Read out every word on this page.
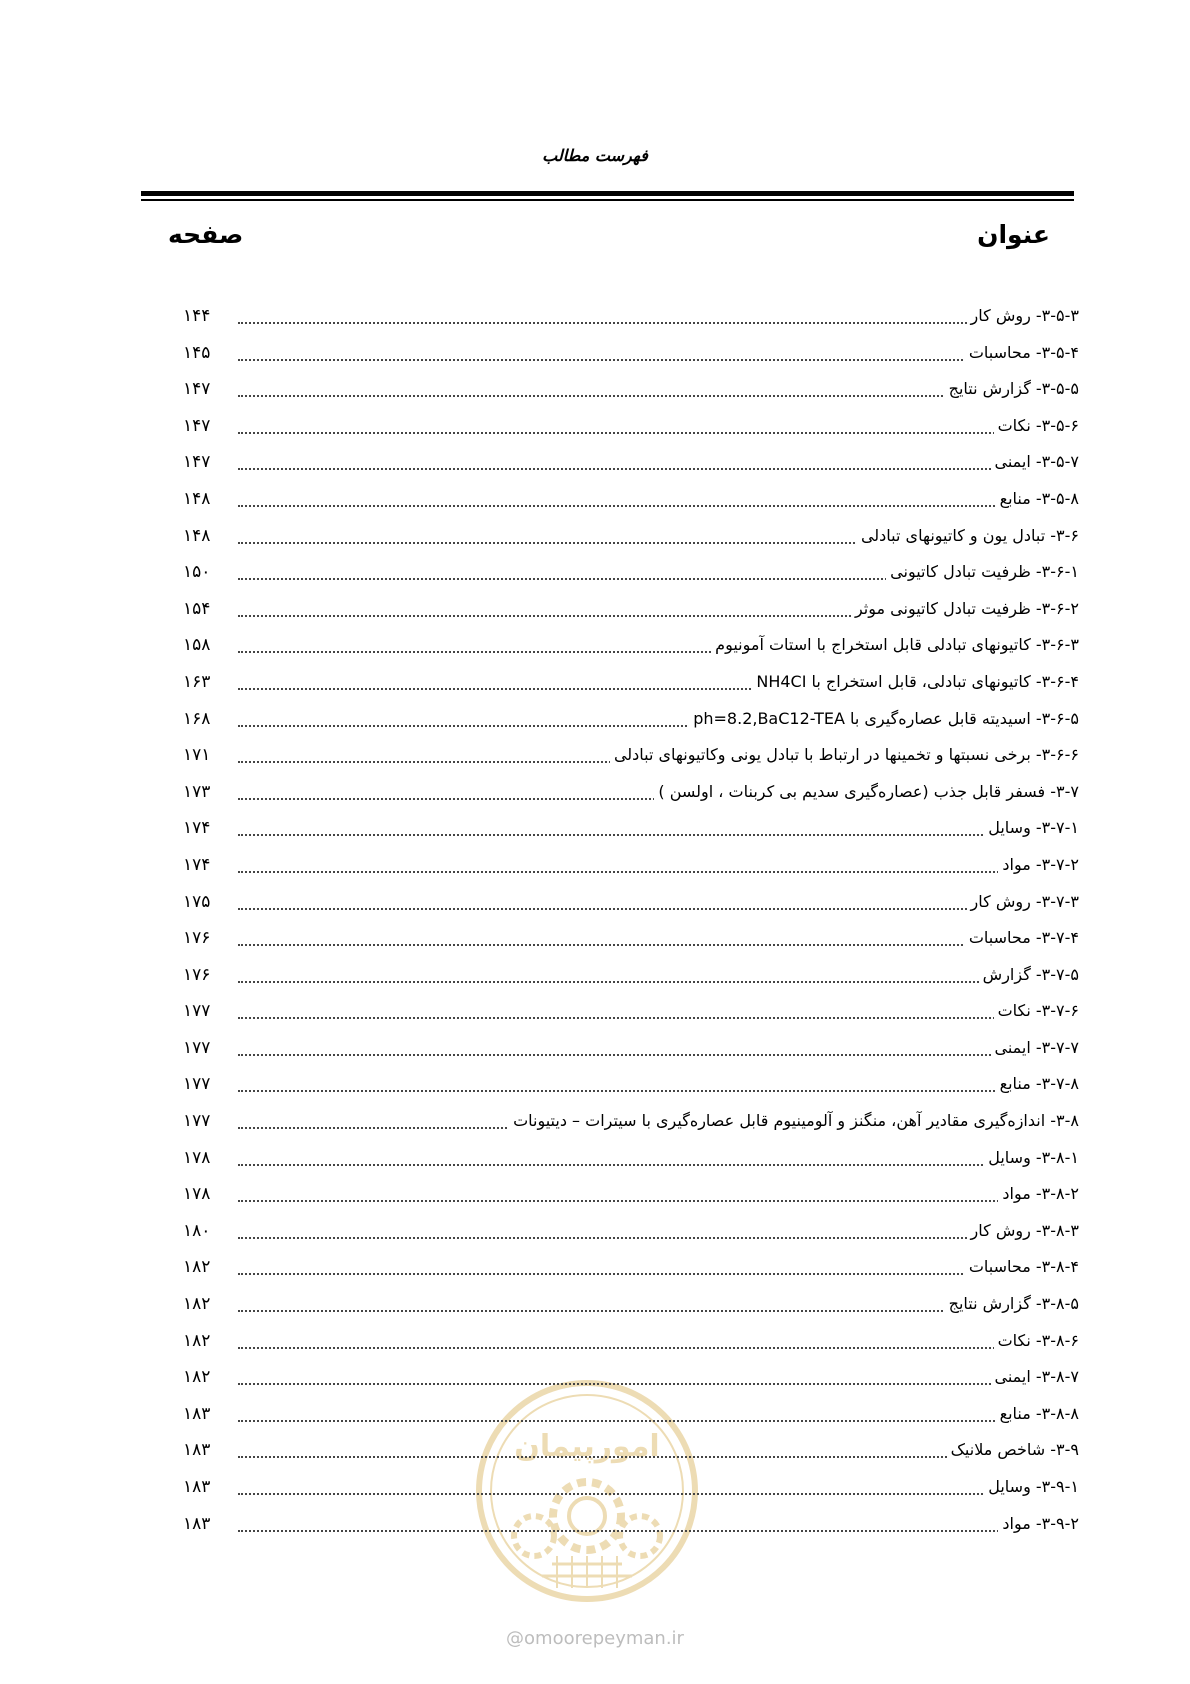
فهرست مطالب
عنوان
صفحه
۳-۵-۳- روش کار
۱۴۴
۳-۵-۴- محاسبات
۱۴۵
۳-۵-۵- گزارش نتایج
۱۴۷
۳-۵-۶- نکات
۱۴۷
۳-۵-۷- ایمنی
۱۴۷
۳-۵-۸- منابع
۱۴۸
۳-۶- تبادل یون و کاتیونهای تبادلی
۱۴۸
۳-۶-۱- ظرفیت تبادل کاتیونی
۱۵۰
۳-۶-۲- ظرفیت تبادل کاتیونی موثر
۱۵۴
۳-۶-۳- کاتیونهای تبادلی قابل استخراج با استات آمونیوم
۱۵۸
۳-۶-۴- کاتیونهای تبادلی، قابل استخراج با NH4CI
۱۶۳
۳-۶-۵- اسیدیته قابل عصاره‌گیری با ph=8.2,BaC12-TEA
۱۶۸
۳-۶-۶- برخی نسبتها و تخمینها در ارتباط با تبادل یونی وکاتیونهای تبادلی
۱۷۱
۳-۷- فسفر قابل جذب (عصاره‌گیری سدیم بی کربنات ، اولسن )
۱۷۳
۳-۷-۱- وسایل
۱۷۴
۳-۷-۲- مواد
۱۷۴
۳-۷-۳- روش کار
۱۷۵
۳-۷-۴- محاسبات
۱۷۶
۳-۷-۵- گزارش
۱۷۶
۳-۷-۶- نکات
۱۷۷
۳-۷-۷- ایمنی
۱۷۷
۳-۷-۸- منابع
۱۷۷
۳-۸- اندازه‌گیری مقادیر آهن، منگنز و آلومینیوم قابل عصاره‌گیری با سیترات – دیتیونات
۱۷۷
۳-۸-۱- وسایل
۱۷۸
۳-۸-۲- مواد
۱۷۸
۳-۸-۳- روش کار
۱۸۰
۳-۸-۴- محاسبات
۱۸۲
۳-۸-۵- گزارش نتایج
۱۸۲
۳-۸-۶- نکات
۱۸۲
۳-۸-۷- ایمنی
۱۸۲
۳-۸-۸- منابع
۱۸۳
۳-۹- شاخص ملانیک
۱۸۳
۳-۹-۱- وسایل
۱۸۳
۳-۹-۲- مواد
۱۸۳
امورپیمان
@omoorepeyman.ir
